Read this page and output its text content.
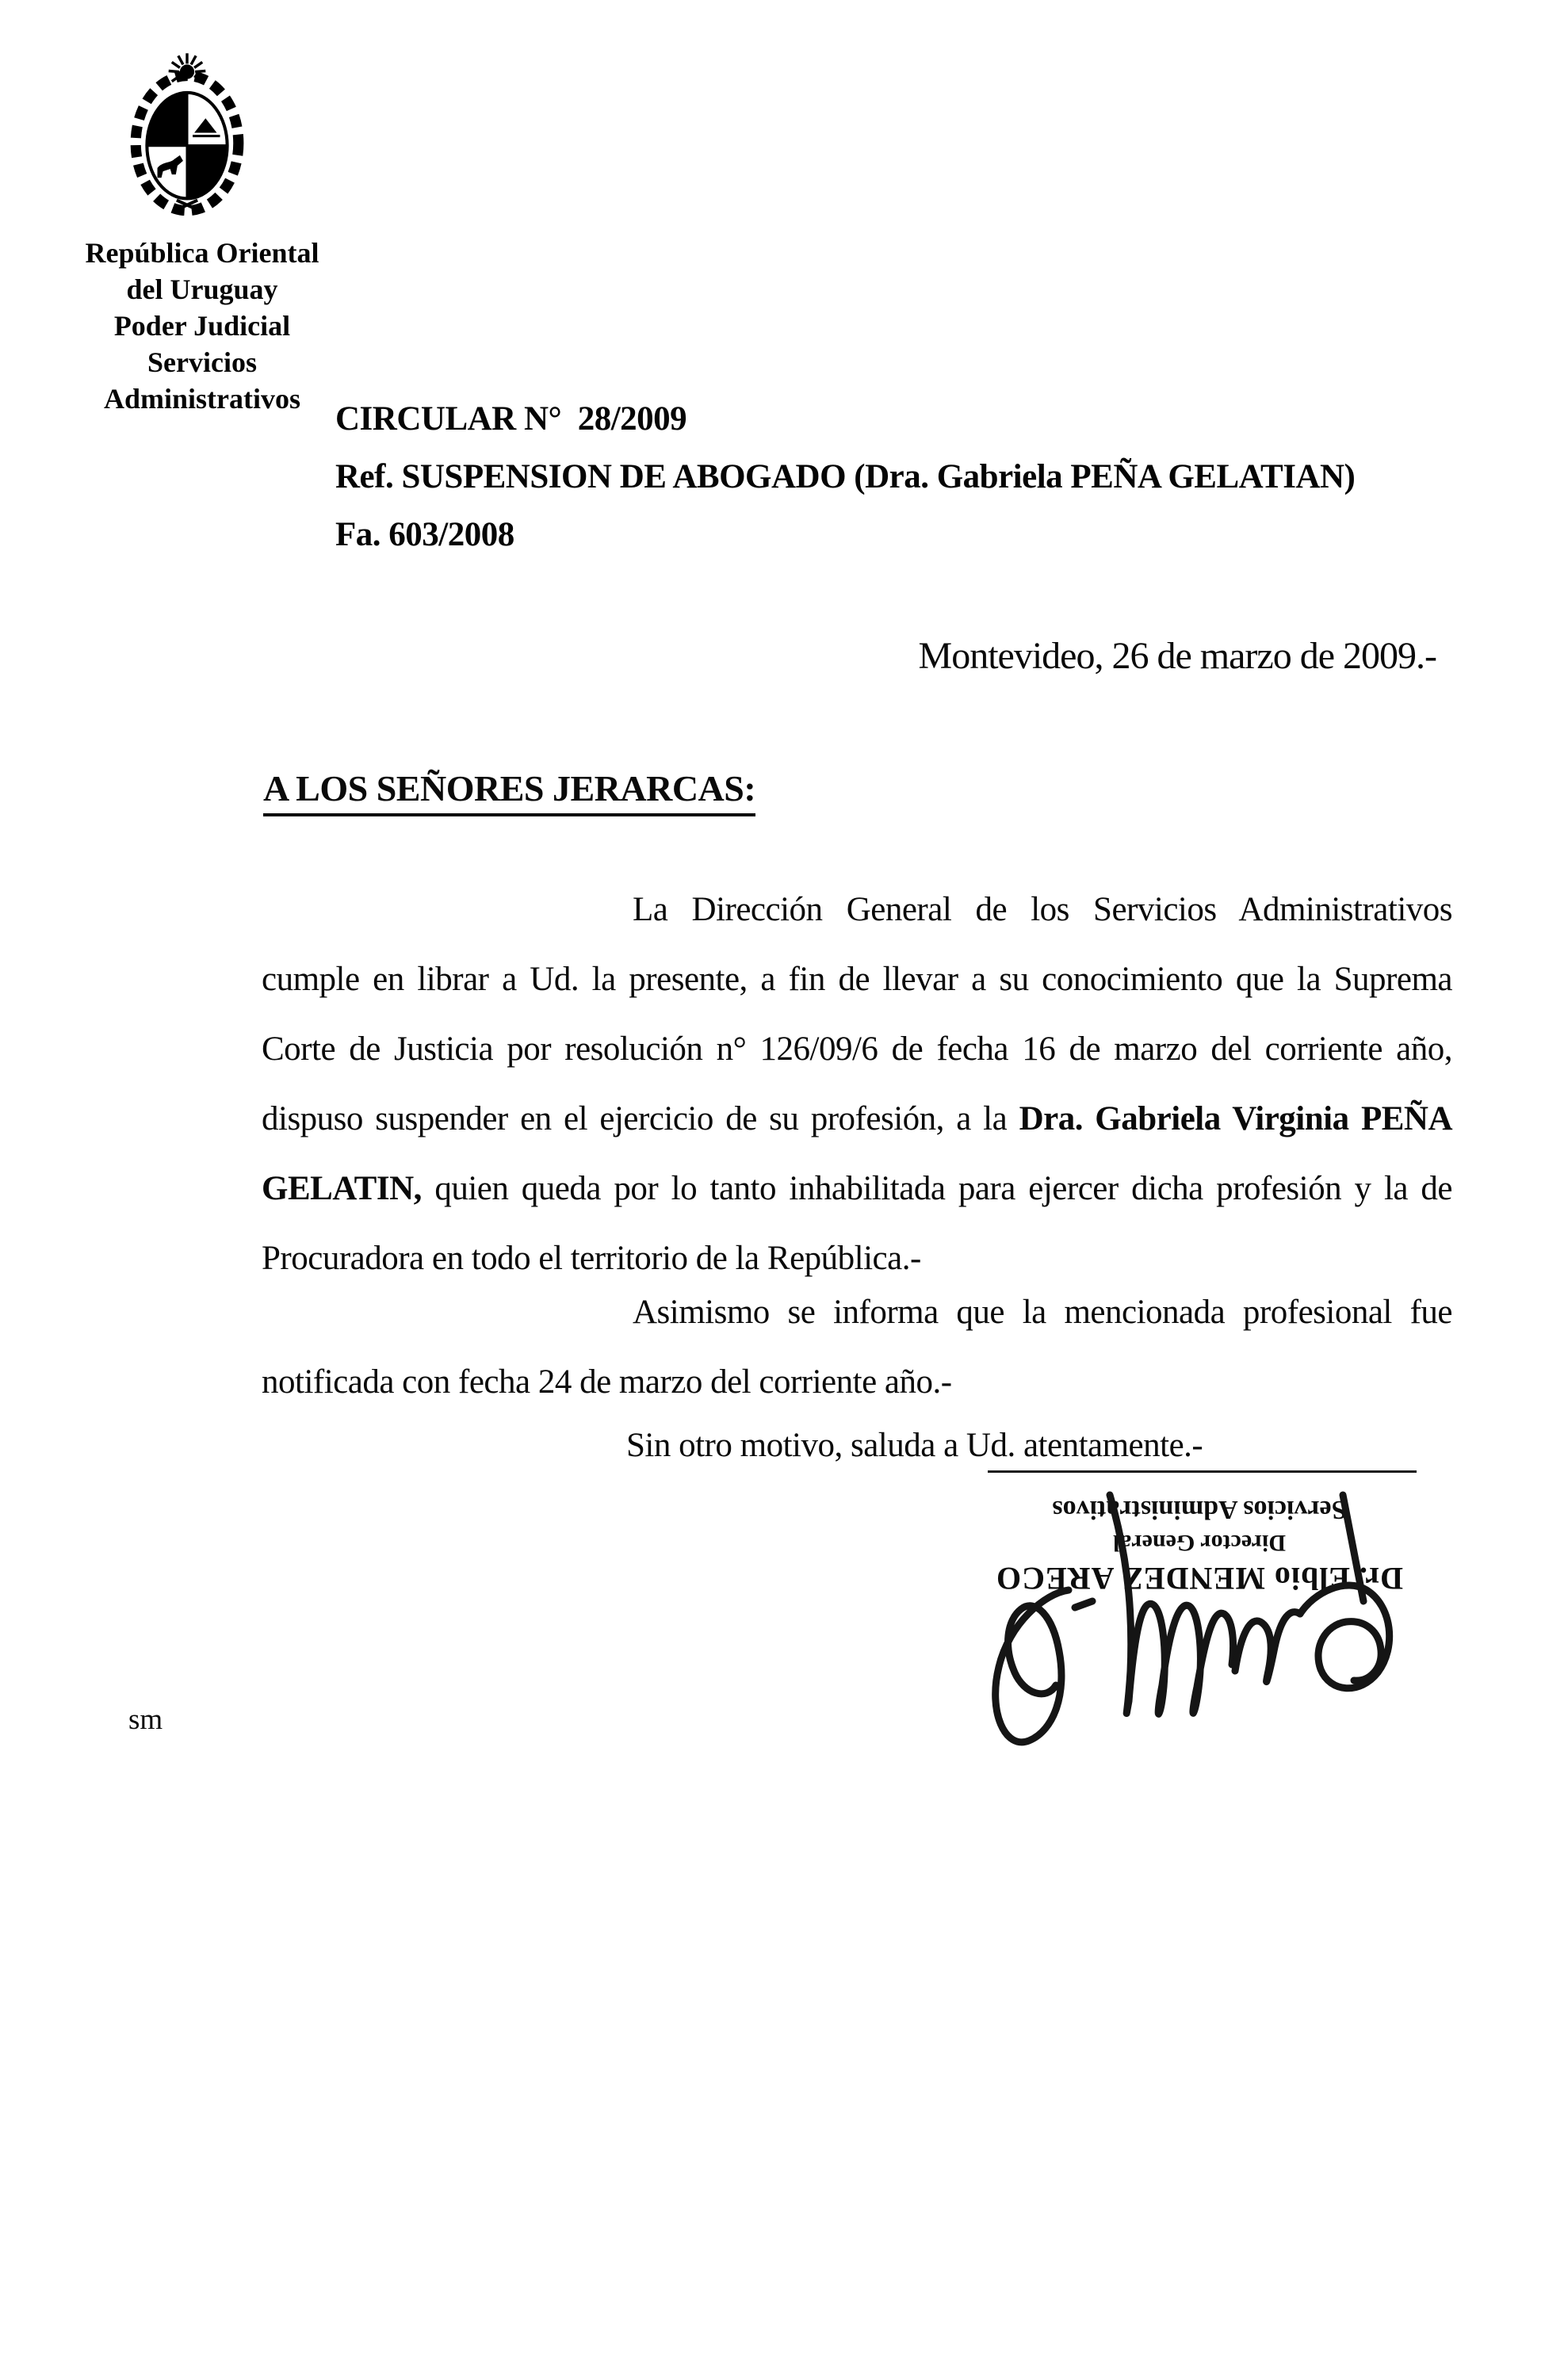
República Oriental
del Uruguay
Poder Judicial
Servicios
Administrativos
CIRCULAR N°  28/2009
Ref. SUSPENSION DE ABOGADO (Dra. Gabriela PEÑA GELATIAN)
Fa. 603/2008
Montevideo, 26 de marzo de 2009.-
A LOS SEÑORES JERARCAS:

La Dirección General de los Servicios Administrativos cumple en librar a Ud. la presente, a fin de llevar a su conocimiento que la Suprema Corte de Justicia por resolución n° 126/09/6 de fecha 16 de marzo del corriente año, dispuso suspender en el ejercicio de su profesión, a la Dra. Gabriela Virginia PEÑA GELATIN, quien queda por lo tanto inhabilitada para ejercer dicha profesión y la de Procuradora en todo el territorio de la República.-

Asimismo se informa que la mencionada profesional fue notificada con fecha 24 de marzo del corriente año.-

Sin otro motivo, saluda a Ud. atentamente.-

Dr. Elbio MENDEZ ARECO
Director General
Servicios Administrativos
sm
